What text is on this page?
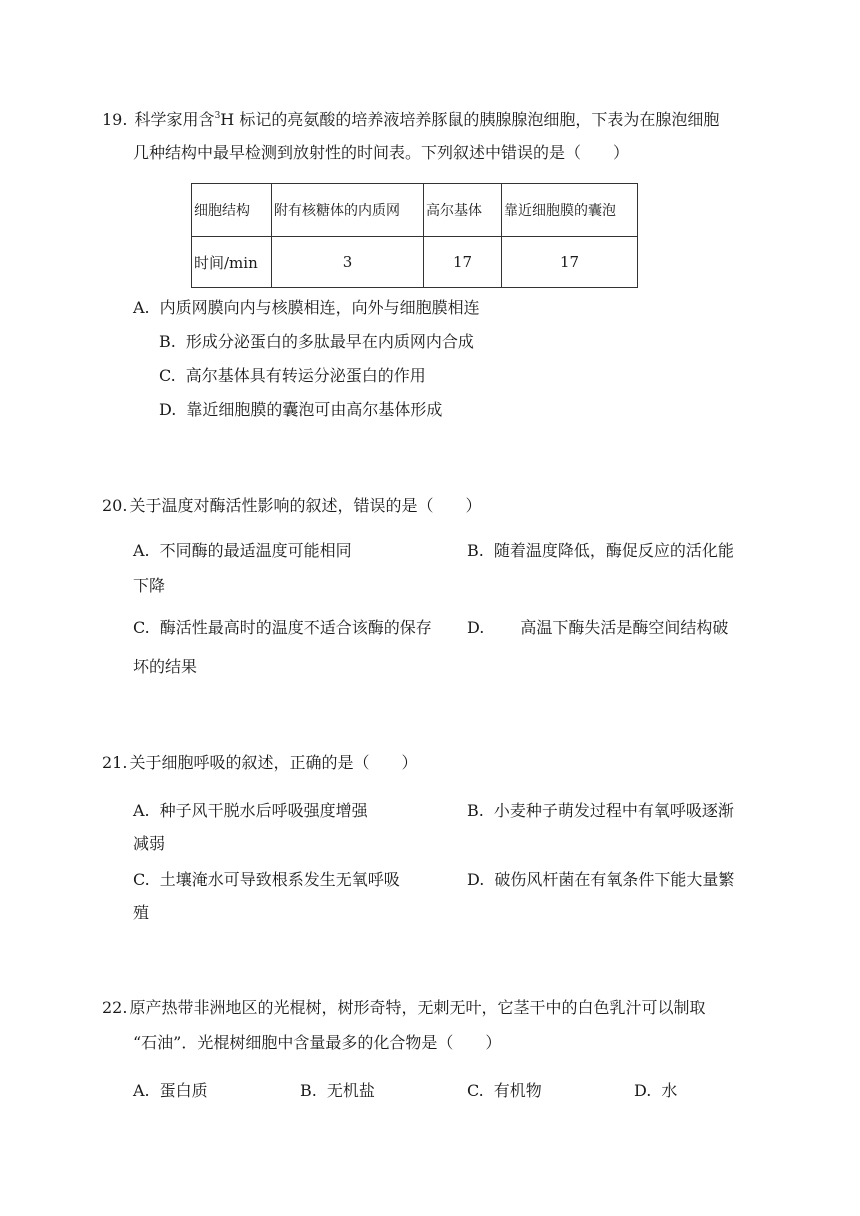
19. 科学家用含$^3$H 标记的亮氨酸的培养液培养豚鼠的胰腺腺泡细胞，下表为在腺泡细胞
几种结构中最早检测到放射性的时间表。下列叙述中错误的是（　　）
细胞结构	附有核糖体的内质网	高尔基体	靠近细胞膜的囊泡
时间/min	3	17	17
A. 内质网膜向内与核膜相连，向外与细胞膜相连
B. 形成分泌蛋白的多肽最早在内质网内合成
C. 高尔基体具有转运分泌蛋白的作用
D. 靠近细胞膜的囊泡可由高尔基体形成
20. 关于温度对酶活性影响的叙述，错误的是（　　）
A. 不同酶的最适温度可能相同	B. 随着温度降低，酶促反应的活化能
下降
C. 酶活性最高时的温度不适合该酶的保存 D. 高温下酶失活是酶空间结构破
坏的结果
21. 关于细胞呼吸的叙述，正确的是（　　）
A. 种子风干脱水后呼吸强度增强	B. 小麦种子萌发过程中有氧呼吸逐渐
减弱
C. 土壤淹水可导致根系发生无氧呼吸	D. 破伤风杆菌在有氧条件下能大量繁
殖
22. 原产热带非洲地区的光棍树，树形奇特，无刺无叶，它茎干中的白色乳汁可以制取
“石油”．光棍树细胞中含量最多的化合物是（　　）
A. 蛋白质	B. 无机盐	C. 有机物	D. 水
